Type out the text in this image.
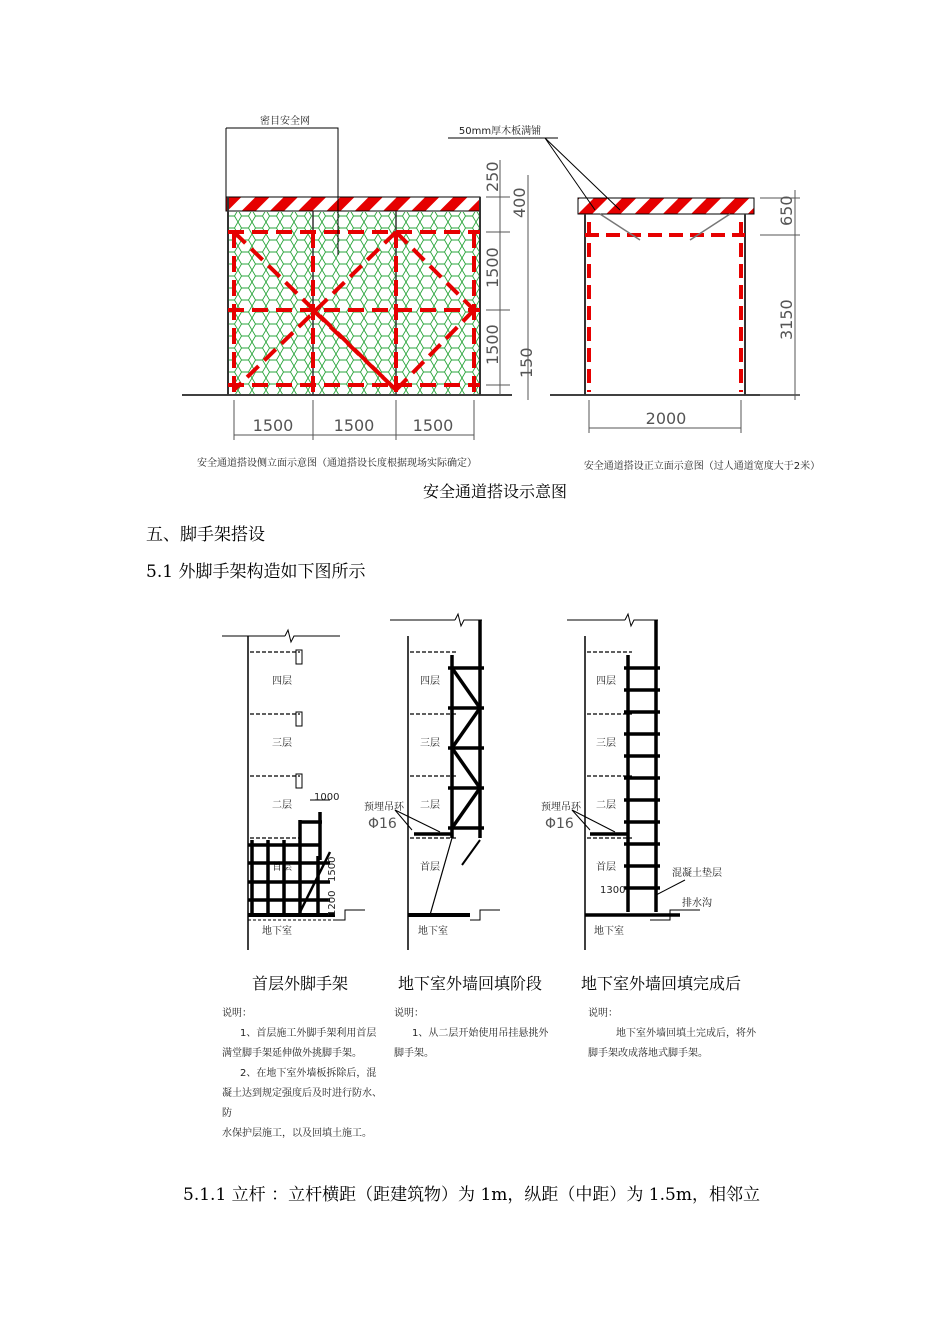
密目安全网
250
400
1500
1500 150
1500	1500 1500
安全通道搭设侧立面示意图（通道搭设长度根据现场实际确定）
50mm厚木板满铺
650
3150
2000
安全通道搭设正立面示意图（过人通道宽度大于2米）
安全通道搭设示意图
五、脚手架搭设
5.1 外脚手架构造如下图所示
四层
三层
二层
首层
地下室
1000
1500
1200
四层
三层
二层
首层
地下室
预埋吊环
Φ16
四层
三层
二层
首层
地下室
预埋吊环
Φ16
1300
混凝土垫层
排水沟
首层外脚手架	地下室外墙回填阶段	地下室外墙回填完成后
说明：
1、首层施工外脚手架利用首层
满堂脚手架延伸做外挑脚手架。
2、在地下室外墙板拆除后，混
凝土达到规定强度后及时进行防水、防
水保护层施工，以及回填土施工。
说明：
1、从二层开始使用吊挂悬挑外
脚手架。
说明：
地下室外墙回填土完成后，将外
脚手架改成落地式脚手架。
5.1.1 立杆 ：立杆横距（距建筑物）为 1m，纵距（中距）为 1.5m，相邻立
